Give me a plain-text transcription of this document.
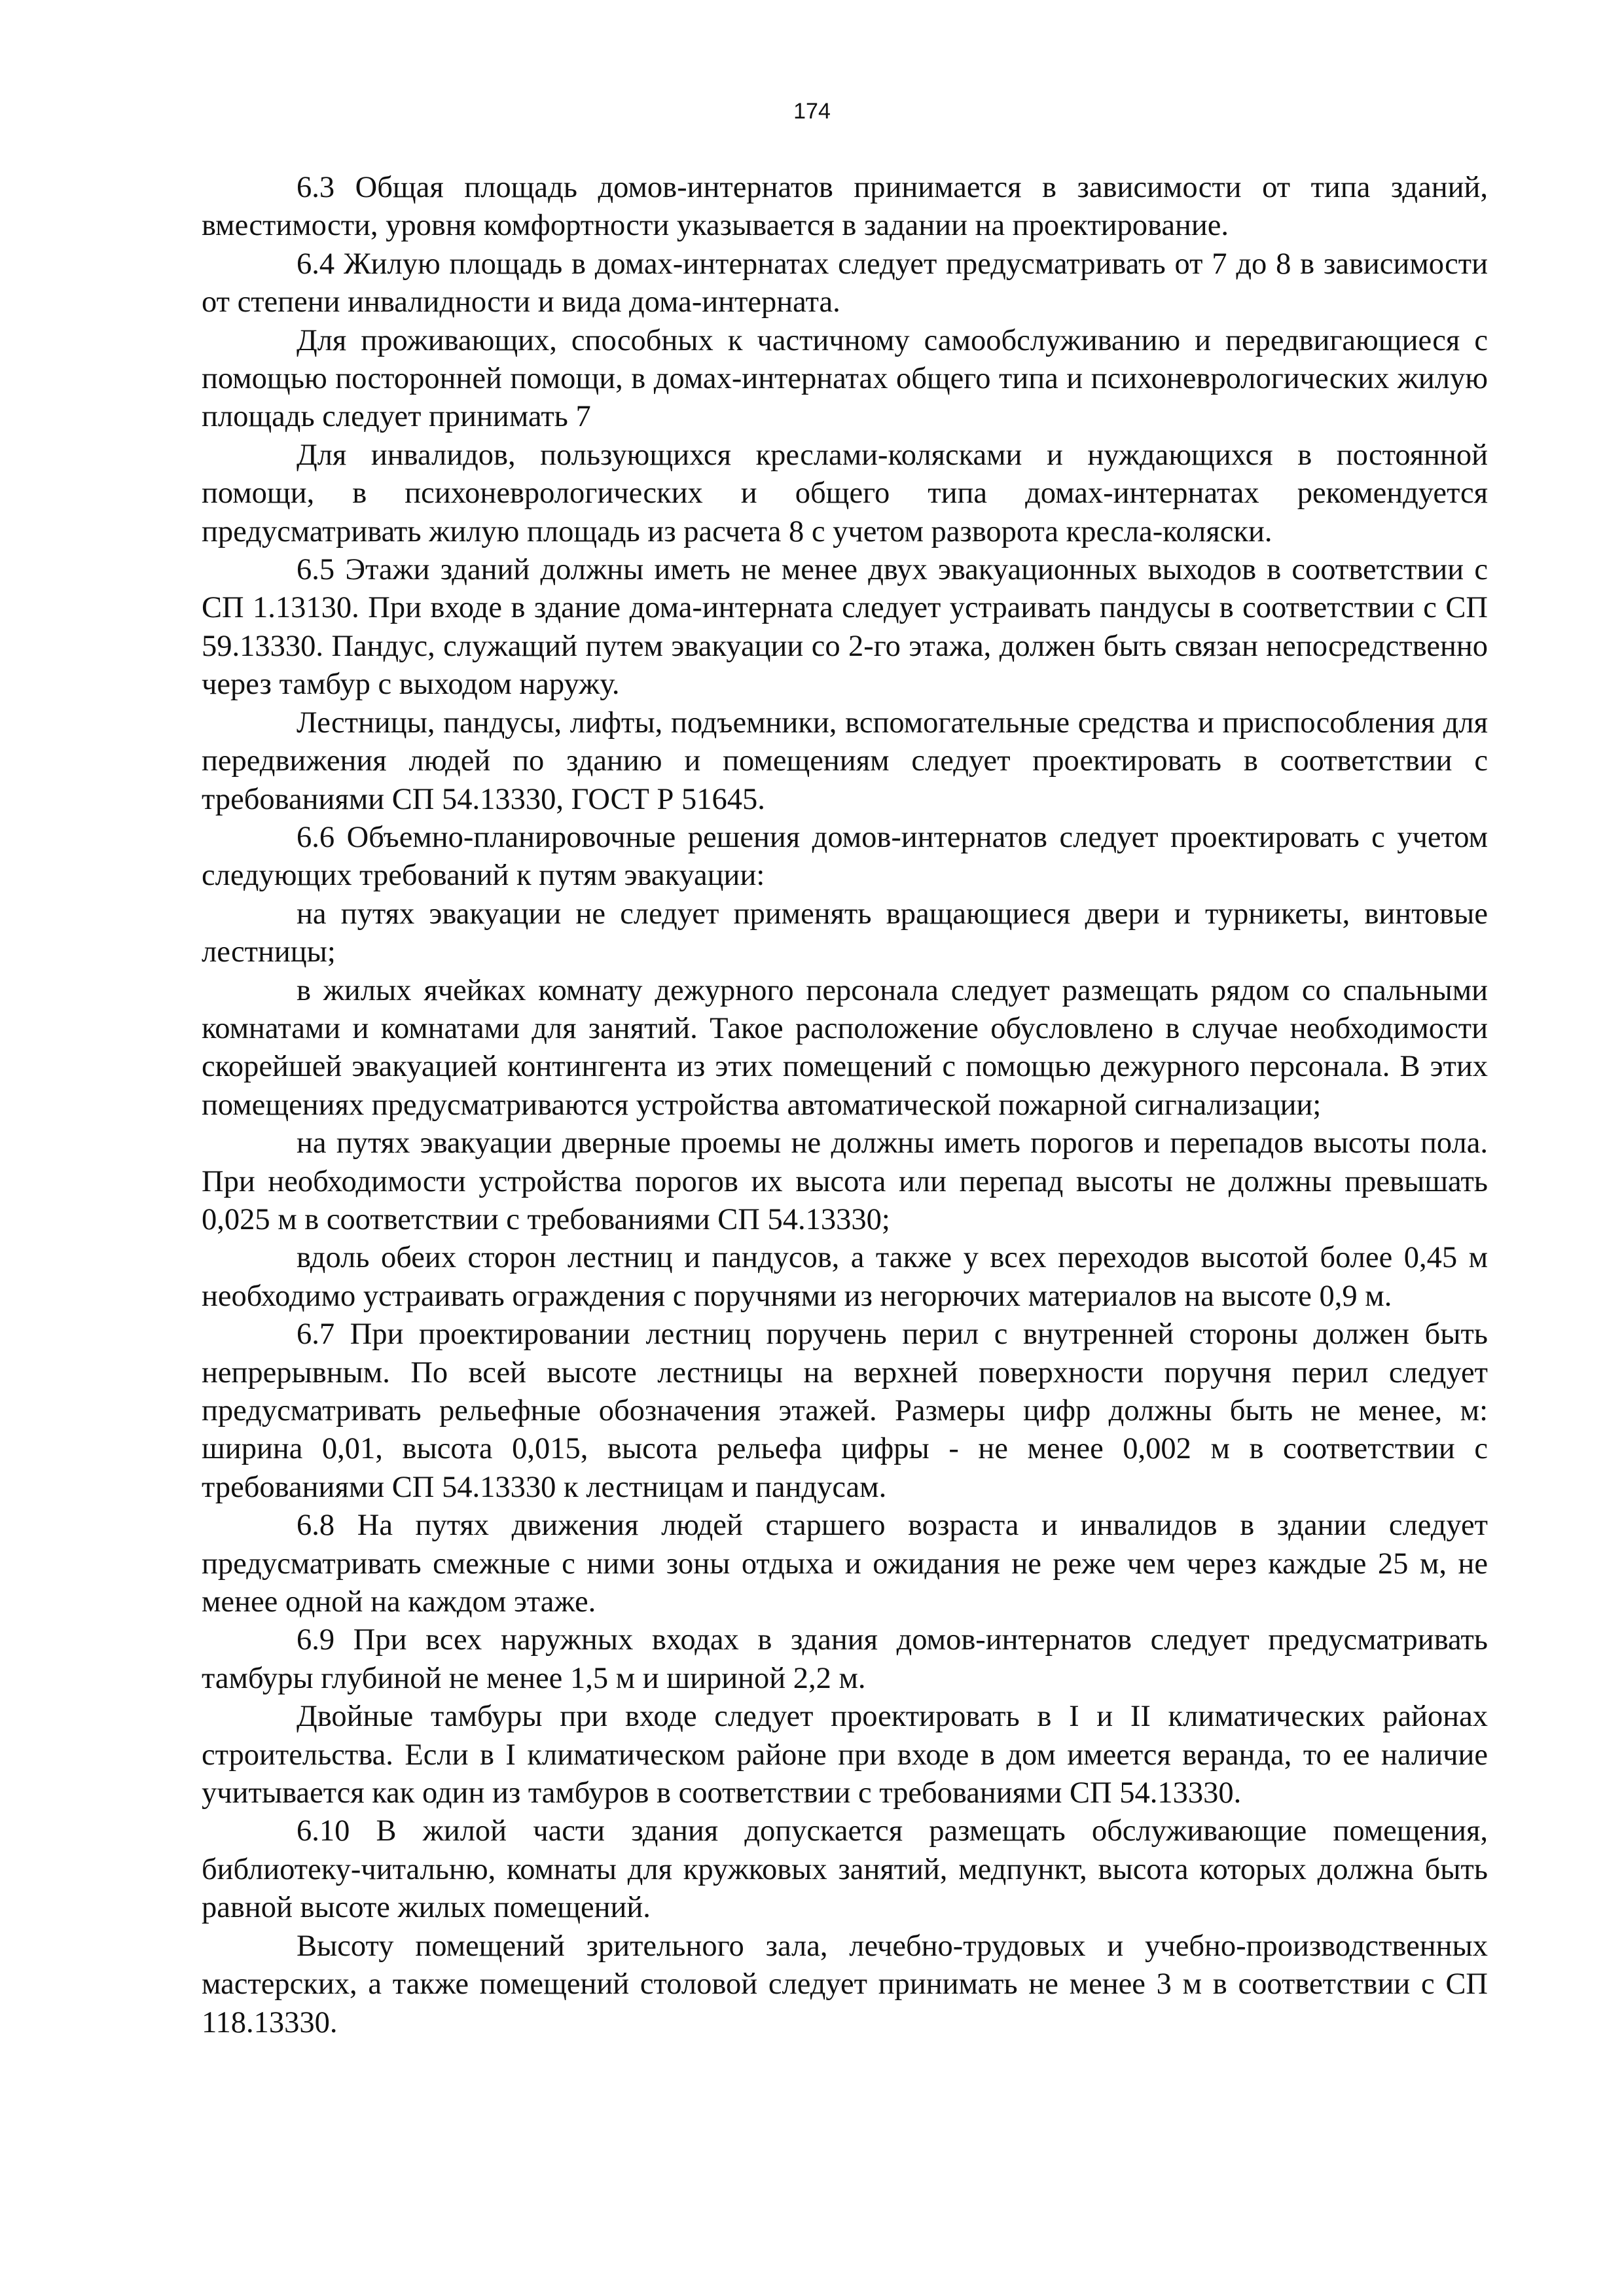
174

6.3 Общая площадь домов-интернатов принимается в зависимости от типа зданий, вместимости, уровня комфортности указывается в задании на проектирование.

6.4 Жилую площадь в домах-интернатах следует предусматривать от 7 до 8 в зависимости от степени инвалидности и вида дома-интерната.

Для проживающих, способных к частичному самообслуживанию и передвигающиеся с помощью посторонней помощи, в домах-интернатах общего типа и психоневрологических жилую площадь следует принимать 7

Для инвалидов, пользующихся креслами-колясками и нуждающихся в постоянной помощи, в психоневрологических и общего типа домах-интернатах рекомендуется предусматривать жилую площадь из расчета 8 с учетом разворота кресла-коляски.

6.5 Этажи зданий должны иметь не менее двух эвакуационных выходов в соответствии с СП 1.13130. При входе в здание дома-интерната следует устраивать пандусы в соответствии с СП 59.13330. Пандус, служащий путем эвакуации со 2-го этажа, должен быть связан непосредственно через тамбур с выходом наружу.

Лестницы, пандусы, лифты, подъемники, вспомогательные средства и приспособления для передвижения людей по зданию и помещениям следует проектировать в соответствии с требованиями СП 54.13330, ГОСТ Р 51645.

6.6 Объемно-планировочные решения домов-интернатов следует проектировать с учетом следующих требований к путям эвакуации:

на путях эвакуации не следует применять вращающиеся двери и турникеты, винтовые лестницы;

в жилых ячейках комнату дежурного персонала следует размещать рядом со спальными комнатами и комнатами для занятий. Такое расположение обусловлено в случае необходимости скорейшей эвакуацией контингента из этих помещений с помощью дежурного персонала. В этих помещениях предусматриваются устройства автоматической пожарной сигнализации;

на путях эвакуации дверные проемы не должны иметь порогов и перепадов высоты пола. При необходимости устройства порогов их высота или перепад высоты не должны превышать 0,025 м в соответствии с требованиями СП 54.13330;

вдоль обеих сторон лестниц и пандусов, а также у всех переходов высотой более 0,45 м необходимо устраивать ограждения с поручнями из негорючих материалов на высоте 0,9 м.

6.7 При проектировании лестниц поручень перил с внутренней стороны должен быть непрерывным. По всей высоте лестницы на верхней поверхности поручня перил следует предусматривать рельефные обозначения этажей. Размеры цифр должны быть не менее, м: ширина 0,01, высота 0,015, высота рельефа цифры - не менее 0,002 м в соответствии с требованиями СП 54.13330 к лестницам и пандусам.

6.8 На путях движения людей старшего возраста и инвалидов в здании следует предусматривать смежные с ними зоны отдыха и ожидания не реже чем через каждые 25 м, не менее одной на каждом этаже.

6.9 При всех наружных входах в здания домов-интернатов следует предусматривать тамбуры глубиной не менее 1,5 м и шириной 2,2 м.

Двойные тамбуры при входе следует проектировать в I и II климатических районах строительства. Если в I климатическом районе при входе в дом имеется веранда, то ее наличие учитывается как один из тамбуров в соответствии с требованиями СП 54.13330.

6.10 В жилой части здания допускается размещать обслуживающие помещения, библиотеку-читальню, комнаты для кружковых занятий, медпункт, высота которых должна быть равной высоте жилых помещений.

Высоту помещений зрительного зала, лечебно-трудовых и учебно-производственных мастерских, а также помещений столовой следует принимать не менее 3 м в соответствии с СП 118.13330.
